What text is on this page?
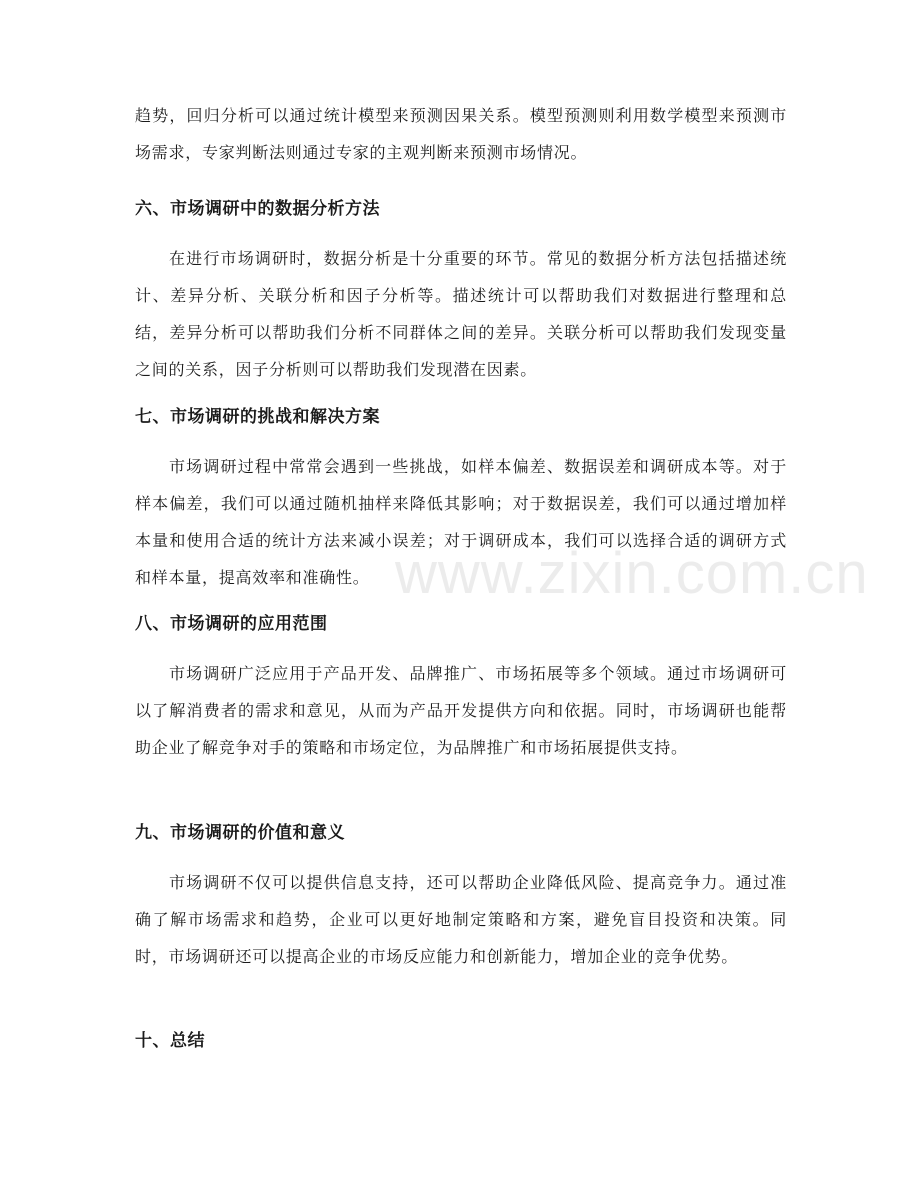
趋势，回归分析可以通过统计模型来预测因果关系。模型预测则利用数学模型来预测市场需求，专家判断法则通过专家的主观判断来预测市场情况。

六、市场调研中的数据分析方法

在进行市场调研时，数据分析是十分重要的环节。常见的数据分析方法包括描述统计、差异分析、关联分析和因子分析等。描述统计可以帮助我们对数据进行整理和总结，差异分析可以帮助我们分析不同群体之间的差异。关联分析可以帮助我们发现变量之间的关系，因子分析则可以帮助我们发现潜在因素。

七、市场调研的挑战和解决方案

市场调研过程中常常会遇到一些挑战，如样本偏差、数据误差和调研成本等。对于样本偏差，我们可以通过随机抽样来降低其影响；对于数据误差，我们可以通过增加样本量和使用合适的统计方法来减小误差；对于调研成本，我们可以选择合适的调研方式和样本量，提高效率和准确性。

八、市场调研的应用范围

市场调研广泛应用于产品开发、品牌推广、市场拓展等多个领域。通过市场调研可以了解消费者的需求和意见，从而为产品开发提供方向和依据。同时，市场调研也能帮助企业了解竞争对手的策略和市场定位，为品牌推广和市场拓展提供支持。

九、市场调研的价值和意义

市场调研不仅可以提供信息支持，还可以帮助企业降低风险、提高竞争力。通过准确了解市场需求和趋势，企业可以更好地制定策略和方案，避免盲目投资和决策。同时，市场调研还可以提高企业的市场反应能力和创新能力，增加企业的竞争优势。

十、总结
www.zixin.com.cn
